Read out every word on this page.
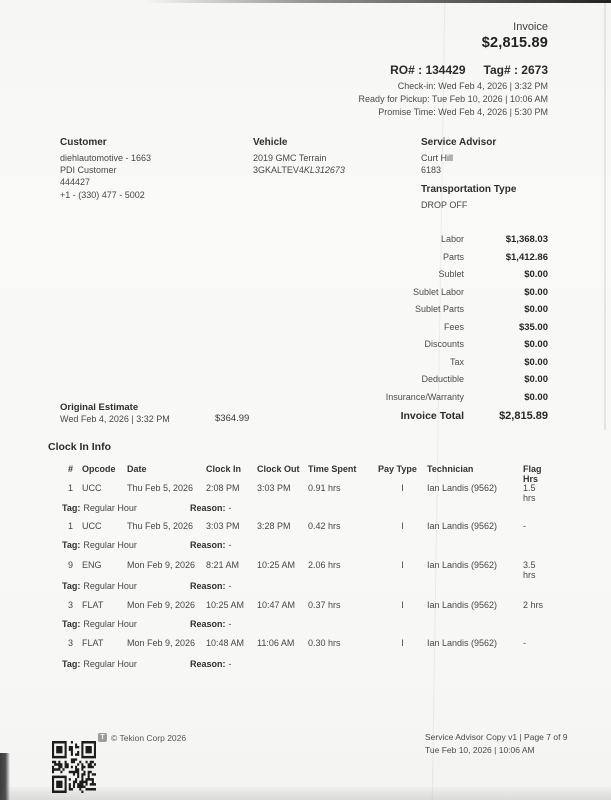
Invoice
$2,815.89
RO# : 134429 Tag# : 2673
Check-in: Wed Feb 4, 2026 | 3:32 PM
Ready for Pickup: Tue Feb 10, 2026 | 10:06 AM
Promise Time: Wed Feb 4, 2026 | 5:30 PM
Customer
diehlautomotive - 1663
PDI Customer
444427
+1 - (330) 477 - 5002
Vehicle
2019 GMC Terrain
3GKALTEV4KL312673
Service Advisor
Curt Hill
6183
Transportation Type
DROP OFF
Labor	$1,368.03
Parts	$1,412.86
Sublet	$0.00
Sublet Labor	$0.00
Sublet Parts	$0.00
Fees	$35.00
Discounts	$0.00
Tax	$0.00
Deductible	$0.00
Insurance/Warranty	$0.00
Invoice Total	$2,815.89
Original Estimate
Wed Feb 4, 2026 | 3:32 PM	$364.99
Clock In Info
# Opcode	Date	Clock In	Clock Out Time Spent	Pay Type	Technician	Flag Hrs
1 UCC	Thu Feb 5, 2026	2:08 PM	3:03 PM	0.91 hrs	I	Ian Landis (9562)	1.5 hrs
Tag: Regular Hour	Reason: -
1 UCC	Thu Feb 5, 2026	3:03 PM	3:28 PM	0.42 hrs	I	Ian Landis (9562)	-
Tag: Regular Hour	Reason: -
9 ENG	Mon Feb 9, 2026	8:21 AM	10:25 AM	2.06 hrs	I	Ian Landis (9562)	3.5 hrs
Tag: Regular Hour	Reason: -
3 FLAT	Mon Feb 9, 2026	10:25 AM	10:47 AM	0.37 hrs	I	Ian Landis (9562)	2 hrs
Tag: Regular Hour	Reason: -
3 FLAT	Mon Feb 9, 2026	10:48 AM	11:06 AM	0.30 hrs	I	Ian Landis (9562)	-
Tag: Regular Hour	Reason: -
T © Tekion Corp 2026	Service Advisor Copy v1 | Page 7 of 9
Tue Feb 10, 2026 | 10:06 AM
